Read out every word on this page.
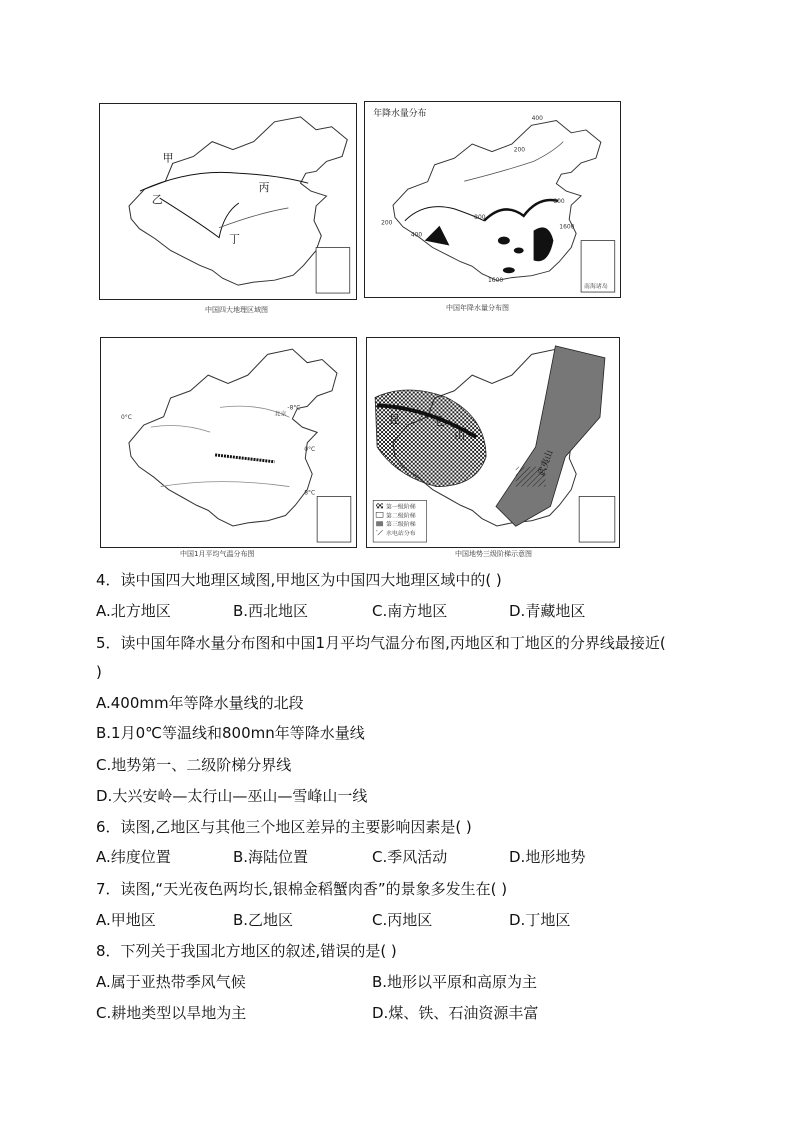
甲
乙
丙
丁
中国四大地理区域图
年降水量分布	400
200
800
200
400
800
1600
1600
南海诸岛
中国年降水量分布图
0°C
北京
-8°C
0°C
8°C
中国1月平均气温分布图
昆	仑
山
武夷山
第一级阶梯
第二级阶梯
第三级阶梯
水电站分布
中国地势三级阶梯示意图
4．读中国四大地理区域图,甲地区为中国四大地理区域中的( )
A.北方地区	B.西北地区	C.南方地区	D.青藏地区
5．读中国年降水量分布图和中国1月平均气温分布图,丙地区和丁地区的分界线最接近(
)
A.400mm年等降水量线的北段
B.1月0℃等温线和800mn年等降水量线
C.地势第一、二级阶梯分界线
D.大兴安岭—太行山—巫山—雪峰山一线
6．读图,乙地区与其他三个地区差异的主要影响因素是( )
A.纬度位置	B.海陆位置	C.季风活动	D.地形地势
7．读图,“天光夜色两均长,银棉金稻蟹肉香”的景象多发生在( )
A.甲地区	B.乙地区	C.丙地区	D.丁地区
8．下列关于我国北方地区的叙述,错误的是( )
A.属于亚热带季风气候	B.地形以平原和高原为主
C.耕地类型以旱地为主	D.煤、铁、石油资源丰富
